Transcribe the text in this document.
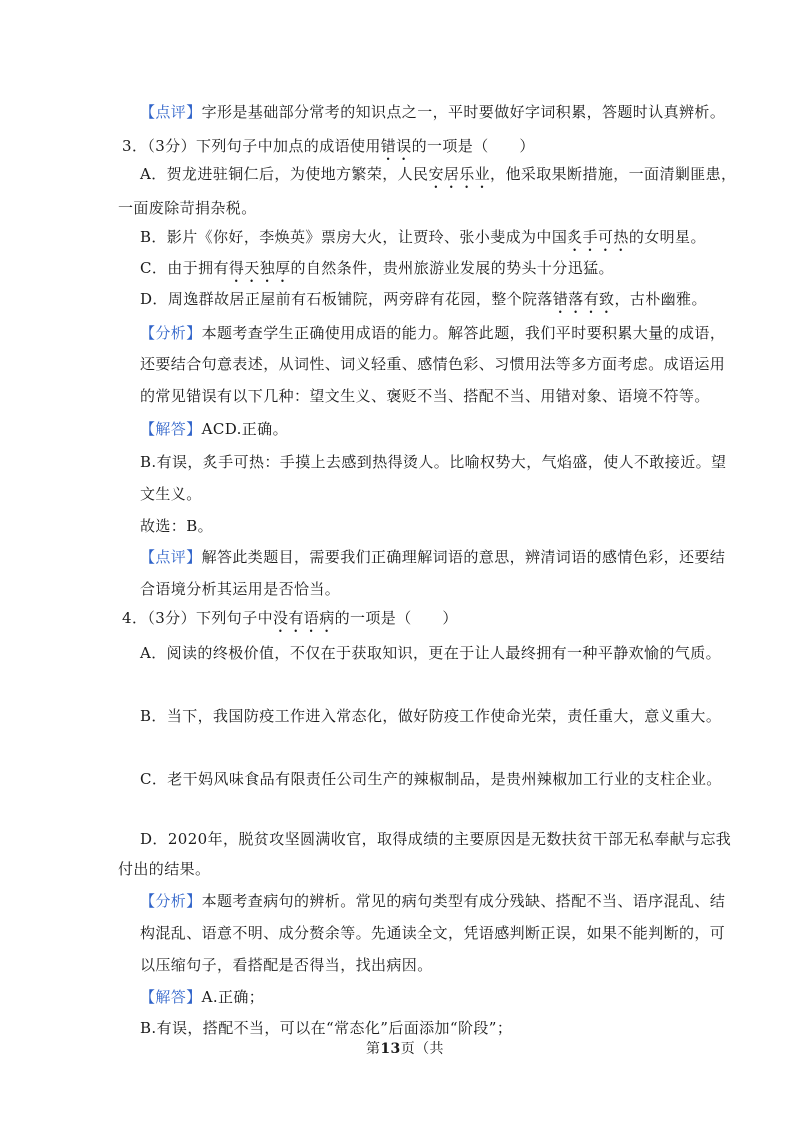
【点评】字形是基础部分常考的知识点之一，平时要做好字词积累，答题时认真辨析。
3．（3分）下列句子中加点的成语使用错误的一项是（　　）
A．贺龙进驻铜仁后，为使地方繁荣，人民安居乐业，他采取果断措施，一面清剿匪患，
一面废除苛捐杂税。
B．影片《你好，李焕英》票房大火，让贾玲、张小斐成为中国炙手可热的女明星。
C．由于拥有得天独厚的自然条件，贵州旅游业发展的势头十分迅猛。
D．周逸群故居正屋前有石板铺院，两旁辟有花园，整个院落错落有致，古朴幽雅。
【分析】本题考查学生正确使用成语的能力。解答此题，我们平时要积累大量的成语，
还要结合句意表述，从词性、词义轻重、感情色彩、习惯用法等多方面考虑。成语运用
的常见错误有以下几种：望文生义、褒贬不当、搭配不当、用错对象、语境不符等。
【解答】ACD.正确。
B.有误，炙手可热：手摸上去感到热得烫人。比喻权势大，气焰盛，使人不敢接近。望
文生义。
故选：B。
【点评】解答此类题目，需要我们正确理解词语的意思，辨清词语的感情色彩，还要结
合语境分析其运用是否恰当。
4．（3分）下列句子中没有语病的一项是（　　）
A．阅读的终极价值，不仅在于获取知识，更在于让人最终拥有一种平静欢愉的气质。
B．当下，我国防疫工作进入常态化，做好防疫工作使命光荣，责任重大，意义重大。
C．老干妈风味食品有限责任公司生产的辣椒制品，是贵州辣椒加工行业的支柱企业。
D．2020年，脱贫攻坚圆满收官，取得成绩的主要原因是无数扶贫干部无私奉献与忘我
付出的结果。
【分析】本题考查病句的辨析。常见的病句类型有成分残缺、搭配不当、语序混乱、结
构混乱、语意不明、成分赘余等。先通读全文，凭语感判断正误，如果不能判断的，可
以压缩句子，看搭配是否得当，找出病因。
【解答】A.正确；
B.有误，搭配不当，可以在“常态化”后面添加“阶段”；
第13页（共
